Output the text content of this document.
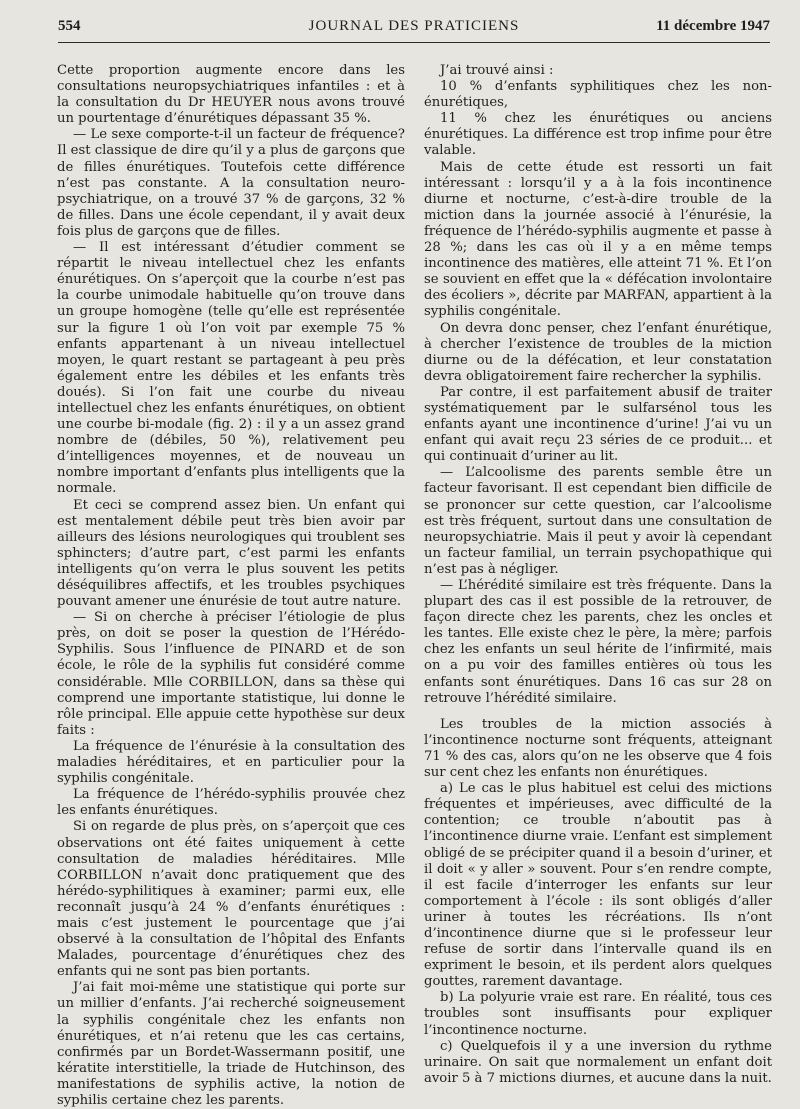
554	JOURNAL DES PRATICIENS	11 décembre 1947

Cette proportion augmente encore dans les consultations neuropsychiatriques infantiles : et à la consultation du Dr HEUYER nous avons trouvé un pourtentage d’énurétiques dépassant 35 %.

— Le sexe comporte-t-il un facteur de fréquence? Il est classique de dire qu’il y a plus de garçons que de filles énurétiques. Toutefois cette différence n’est pas constante. A la consultation neuro-psychiatrique, on a trouvé 37 % de garçons, 32 % de filles. Dans une école cependant, il y avait deux fois plus de garçons que de filles.

— Il est intéressant d’étudier comment se répartit le niveau intellectuel chez les enfants énurétiques. On s’aperçoit que la courbe n’est pas la courbe unimodale habituelle qu’on trouve dans un groupe homogène (telle qu’elle est représentée sur la figure 1 où l’on voit par exemple 75 % enfants appartenant à un niveau intellectuel moyen, le quart restant se partageant à peu près également entre les débiles et les enfants très doués). Si l’on fait une courbe du niveau intellectuel chez les enfants énurétiques, on obtient une courbe bi-modale (fig. 2) : il y a un assez grand nombre de (débiles, 50 %), relativement peu d’intelligences moyennes, et de nouveau un nombre important d’enfants plus intelligents que la normale.

Et ceci se comprend assez bien. Un enfant qui est mentalement débile peut très bien avoir par ailleurs des lésions neurologiques qui troublent ses sphincters; d’autre part, c’est parmi les enfants intelligents qu’on verra le plus souvent les petits déséquilibres affectifs, et les troubles psychiques pouvant amener une énurésie de tout autre nature.

— Si on cherche à préciser l’étiologie de plus près, on doit se poser la question de l’Hérédo-Syphilis. Sous l’influence de PINARD et de son école, le rôle de la syphilis fut considéré comme considérable. Mlle CORBILLON, dans sa thèse qui comprend une importante statistique, lui donne le rôle principal. Elle appuie cette hypothèse sur deux faits :

La fréquence de l’énurésie à la consultation des maladies héréditaires, et en particulier pour la syphilis congénitale.

La fréquence de l’hérédo-syphilis prouvée chez les enfants énurétiques.

Si on regarde de plus près, on s’aperçoit que ces observations ont été faites uniquement à cette consultation de maladies héréditaires. Mlle CORBILLON n’avait donc pratiquement que des hérédo-syphilitiques à examiner; parmi eux, elle reconnaît jusqu’à 24 % d’enfants énurétiques : mais c’est justement le pourcentage que j’ai observé à la consultation de l’hôpital des Enfants Malades, pourcentage d’énurétiques chez des enfants qui ne sont pas bien portants.

J’ai fait moi-même une statistique qui porte sur un millier d’enfants. J’ai recherché soigneusement la syphilis congénitale chez les enfants non énurétiques, et n’ai retenu que les cas certains, confirmés par un Bordet-Wassermann positif, une kératite interstitielle, la triade de Hutchinson, des manifestations de syphilis active, la notion de syphilis certaine chez les parents.

J’ai trouvé ainsi :

10 % d’enfants syphilitiques chez les non-énurétiques,

11 % chez les énurétiques ou anciens énurétiques. La différence est trop infime pour être valable.

Mais de cette étude est ressorti un fait intéressant : lorsqu’il y a à la fois incontinence diurne et nocturne, c’est-à-dire trouble de la miction dans la journée associé à l’énurésie, la fréquence de l’hérédo-syphilis augmente et passe à 28 %; dans les cas où il y a en même temps incontinence des matières, elle atteint 71 %. Et l’on se souvient en effet que la « défécation involontaire des écoliers », décrite par MARFAN, appartient à la syphilis congénitale.

On devra donc penser, chez l’enfant énurétique, à chercher l’existence de troubles de la miction diurne ou de la défécation, et leur constatation devra obligatoirement faire rechercher la syphilis.

Par contre, il est parfaitement abusif de traiter systématiquement par le sulfarsénol tous les enfants ayant une incontinence d’urine! J’ai vu un enfant qui avait reçu 23 séries de ce produit... et qui continuait d’uriner au lit.

— L’alcoolisme des parents semble être un facteur favorisant. Il est cependant bien difficile de se prononcer sur cette question, car l’alcoolisme est très fréquent, surtout dans une consultation de neuropsychiatrie. Mais il peut y avoir là cependant un facteur familial, un terrain psychopathique qui n’est pas à négliger.

— L’hérédité similaire est très fréquente. Dans la plupart des cas il est possible de la retrouver, de façon directe chez les parents, chez les oncles et les tantes. Elle existe chez le père, la mère; parfois chez les enfants un seul hérite de l’infirmité, mais on a pu voir des familles entières où tous les enfants sont énurétiques. Dans 16 cas sur 28 on retrouve l’hérédité similaire.

Les troubles de la miction associés à l’incontinence nocturne sont fréquents, atteignant 71 % des cas, alors qu’on ne les observe que 4 fois sur cent chez les enfants non énurétiques.

a) Le cas le plus habituel est celui des mictions fréquentes et impérieuses, avec difficulté de la contention; ce trouble n’aboutit pas à l’incontinence diurne vraie. L’enfant est simplement obligé de se précipiter quand il a besoin d’uriner, et il doit « y aller » souvent. Pour s’en rendre compte, il est facile d’interroger les enfants sur leur comportement à l’école : ils sont obligés d’aller uriner à toutes les récréations. Ils n’ont d’incontinence diurne que si le professeur leur refuse de sortir dans l’intervalle quand ils en expriment le besoin, et ils perdent alors quelques gouttes, rarement davantage.

b) La polyurie vraie est rare. En réalité, tous ces troubles sont insuffisants pour expliquer l’incontinence nocturne.

c) Quelquefois il y a une inversion du rythme urinaire. On sait que normalement un enfant doit avoir 5 à 7 mictions diurnes, et aucune dans la nuit.
